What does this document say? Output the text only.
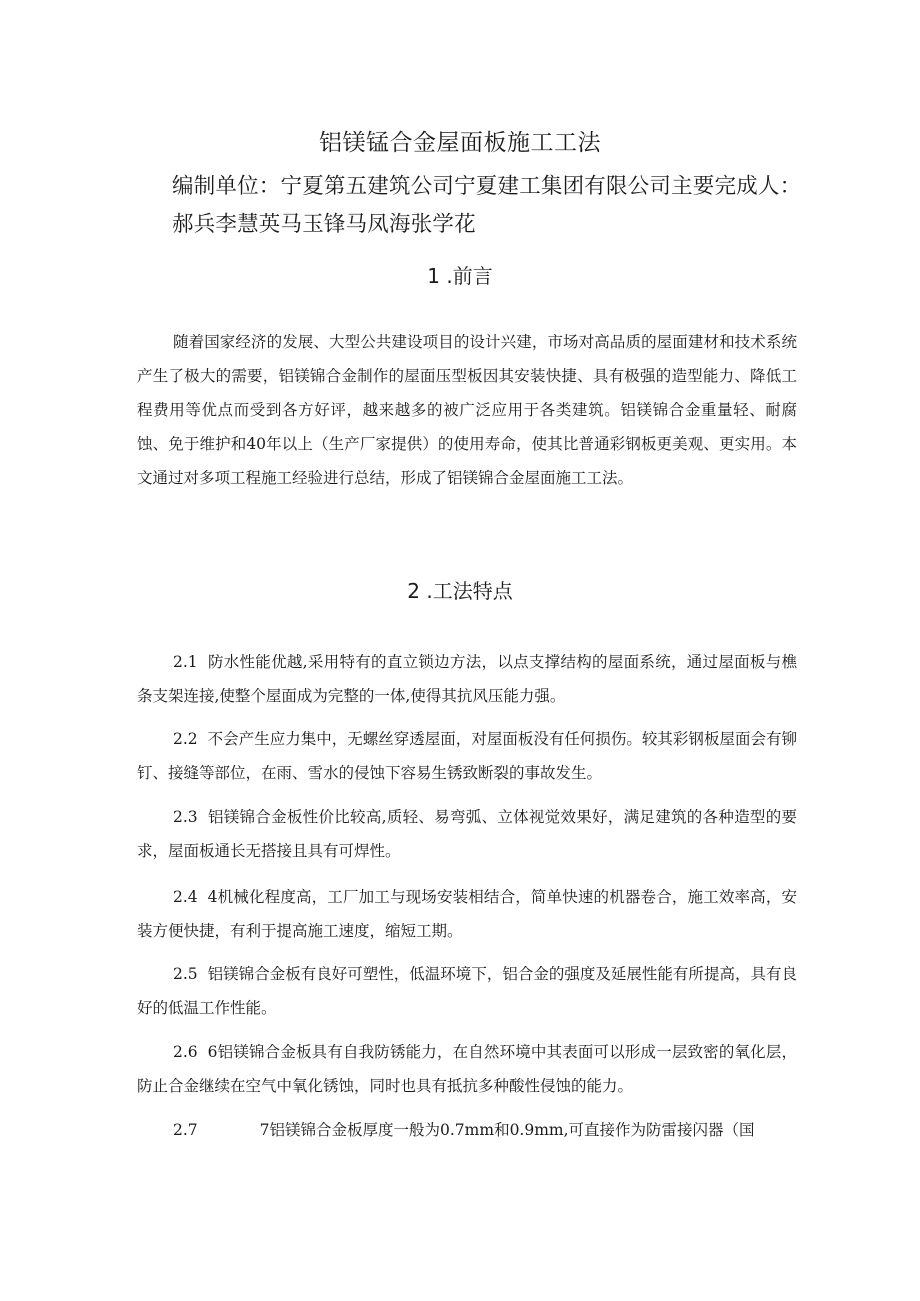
铝镁锰合金屋面板施工工法
编制单位：宁夏第五建筑公司宁夏建工集团有限公司主要完成人：郝兵李慧英马玉锋马凤海张学花
1 .前言
随着国家经济的发展、大型公共建设项目的设计兴建，市场对高品质的屋面建材和技术系统产生了极大的需要，铝镁锦合金制作的屋面压型板因其安装快捷、具有极强的造型能力、降低工程费用等优点而受到各方好评，越来越多的被广泛应用于各类建筑。铝镁锦合金重量轻、耐腐蚀、免于维护和40年以上（生产厂家提供）的使用寿命，使其比普通彩钢板更美观、更实用。本文通过对多项工程施工经验进行总结，形成了铝镁锦合金屋面施工工法。
2 .工法特点
2.1 防水性能优越,采用特有的直立锁边方法，以点支撑结构的屋面系统，通过屋面板与樵条支架连接,使整个屋面成为完整的一体,使得其抗风压能力强。
2.2 不会产生应力集中，无螺丝穿透屋面，对屋面板没有任何损伤。较其彩钢板屋面会有铆钉、接缝等部位，在雨、雪水的侵蚀下容易生锈致断裂的事故发生。
2.3 铝镁锦合金板性价比较高,质轻、易弯弧、立体视觉效果好，满足建筑的各种造型的要求，屋面板通长无搭接且具有可焊性。
2.4 4机械化程度高，工厂加工与现场安装相结合，简单快速的机器卷合，施工效率高，安装方便快捷，有利于提高施工速度，缩短工期。
2.5 铝镁锦合金板有良好可塑性，低温环境下，铝合金的强度及延展性能有所提高，具有良好的低温工作性能。
2.6 6铝镁锦合金板具有自我防锈能力，在自然环境中其表面可以形成一层致密的氧化层，防止合金继续在空气中氧化锈蚀，同时也具有抵抗多种酸性侵蚀的能力。
2.7	7铝镁锦合金板厚度一般为0.7mm和0.9mm,可直接作为防雷接闪器（国
